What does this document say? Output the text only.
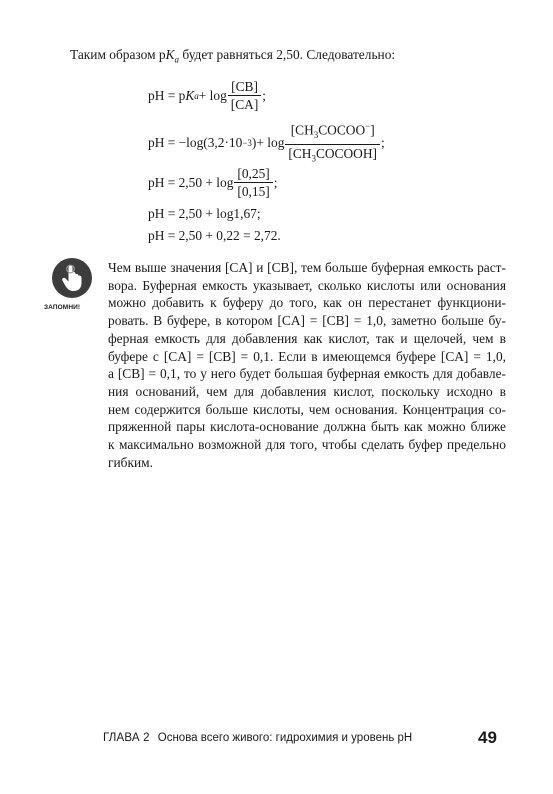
Таким образом $pK_a$ будет равняться 2,50. Следовательно:
pH = p K $a + \log \frac{[CB]}{[CA]}$ ;
pH = −log(3,2·10 −3 ) + $\log \frac{[CH_3COCOO^-]}{[CH_3COCOOH]}$ ;
pH = $2,50 + \log \frac{[0,25]}{[0,15]}$ ;
pH = 2,50 + log1,67;
pH = 2,50 + 0,22 = 2,72.
ЗАПОМНИ!
Чем выше значения [CA] и [CB], тем больше буферная емкость раст-
вора. Буферная емкость указывает, сколько кислоты или основания
можно добавить к буферу до того, как он перестанет функциони-
ровать. В буфере, в котором [CA] = [CB] = 1,0, заметно больше бу-
ферная емкость для добавления как кислот, так и щелочей, чем в
буфере с [CA] = [CB] = 0,1. Если в имеющемся буфере [CA] = 1,0,
а [CB] = 0,1, то у него будет большая буферная емкость для добавле-
ния оснований, чем для добавления кислот, поскольку исходно в
нем содержится больше кислоты, чем основания. Концентрация со-
пряженной пары кислота-основание должна быть как можно ближе
к максимально возможной для того, чтобы сделать буфер предельно
гибким.
ГЛАВА 2 Основа всего живого: гидрохимия и уровень pH	49
